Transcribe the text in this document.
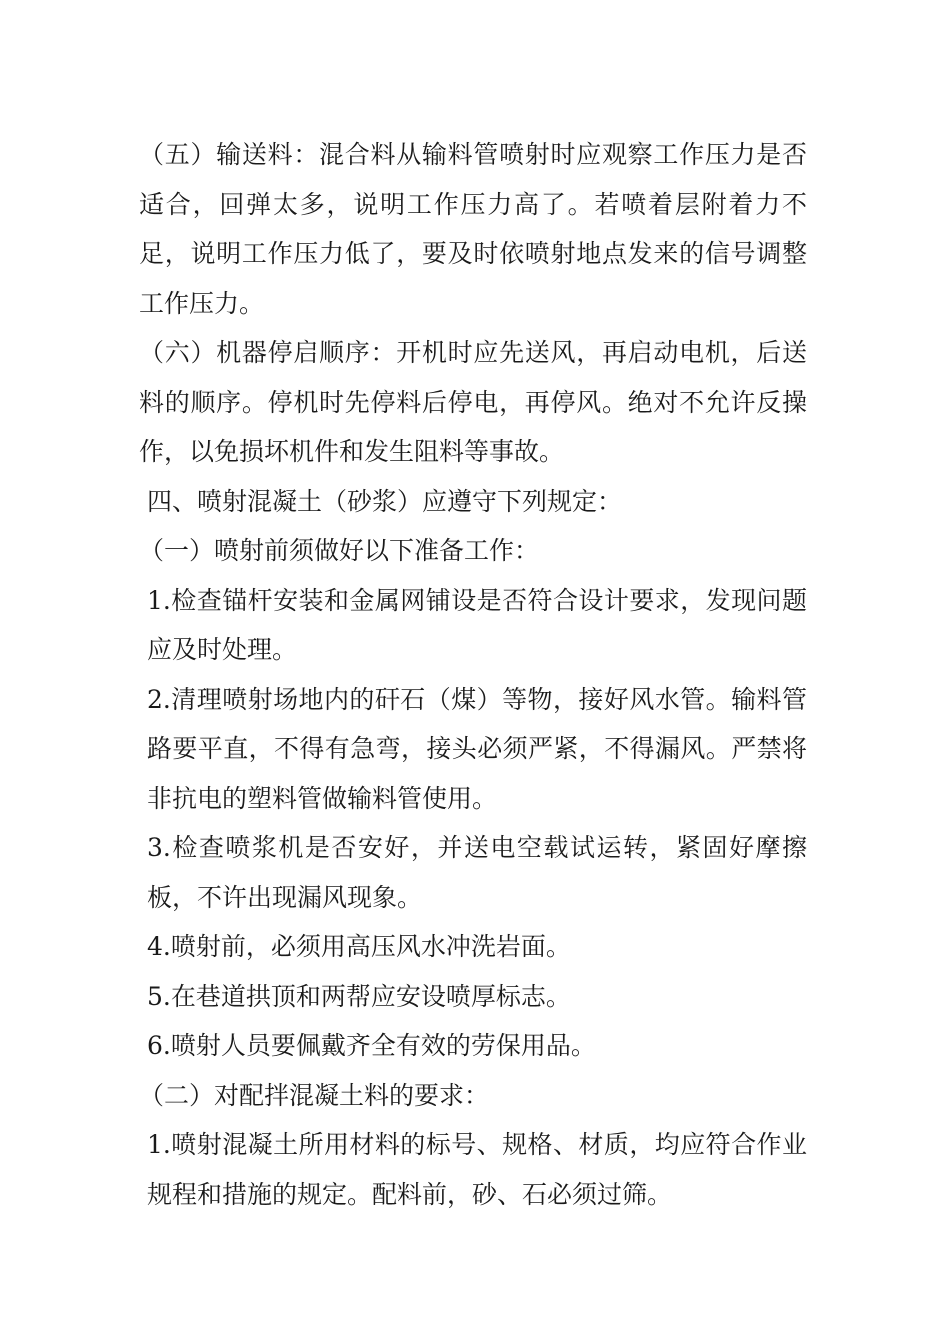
（五）输送料：混合料从输料管喷射时应观察工作压力是否适合，回弹太多，说明工作压力高了。若喷着层附着力不足，说明工作压力低了，要及时依喷射地点发来的信号调整工作压力。

（六）机器停启顺序：开机时应先送风，再启动电机，后送料的顺序。停机时先停料后停电，再停风。绝对不允许反操作，以免损坏机件和发生阻料等事故。

四、喷射混凝土（砂浆）应遵守下列规定：

（一）喷射前须做好以下准备工作：

1.检查锚杆安装和金属网铺设是否符合设计要求，发现问题应及时处理。

2.清理喷射场地内的矸石（煤）等物，接好风水管。输料管路要平直，不得有急弯，接头必须严紧，不得漏风。严禁将非抗电的塑料管做输料管使用。

3.检查喷浆机是否安好，并送电空载试运转，紧固好摩擦板，不许出现漏风现象。

4.喷射前，必须用高压风水冲洗岩面。

5.在巷道拱顶和两帮应安设喷厚标志。

6.喷射人员要佩戴齐全有效的劳保用品。

（二）对配拌混凝土料的要求：

1.喷射混凝土所用材料的标号、规格、材质，均应符合作业规程和措施的规定。配料前，砂、石必须过筛。
